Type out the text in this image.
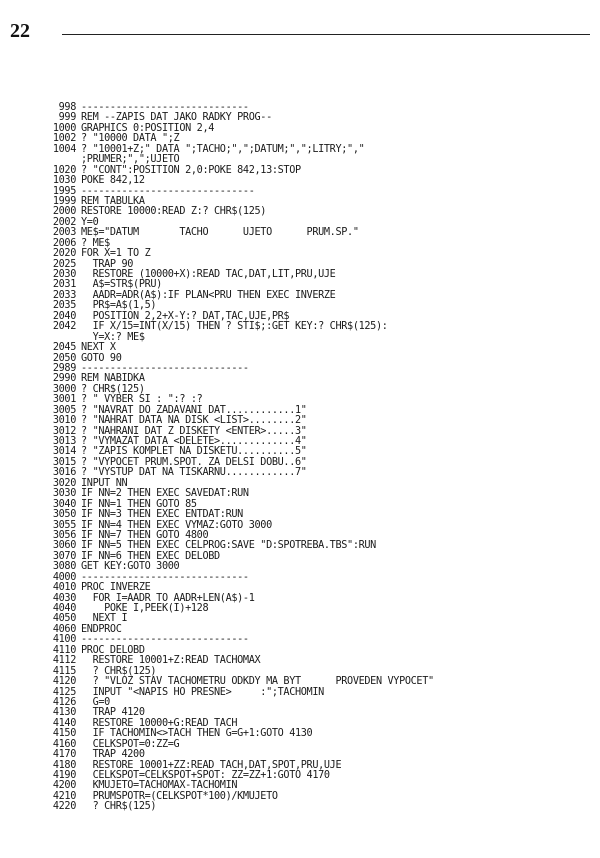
22
998 -----------------------------
999 REM --ZAPIS DAT JAKO RADKY PROG--
1000 GRAPHICS 0:POSITION 2,4
1002 ? "10000 DATA ";Z
1004 ? "10001+Z;" DATA ";TACHO;",";DATUM;",";LITRY;","
;PRUMER;",";UJETO
1020 ? "CONT":POSITION 2,0:POKE 842,13:STOP
1030 POKE 842,12
1995 ------------------------------
1999 REM TABULKA
2000 RESTORE 10000:READ Z:? CHR$(125)
2002 Y=0
2003 ME$="DATUM       TACHO      UJETO      PRUM.SP."
2006 ? ME$
2020 FOR X=1 TO Z
2025 TRAP 90
2030 RESTORE (10000+X):READ TAC,DAT,LIT,PRU,UJE
2031 A$=STR$(PRU)
2033 AADR=ADR(A$):IF PLAN<PRU THEN EXEC INVERZE
2035 PR$=A$(1,5)
2040 POSITION 2,2+X-Y:? DAT,TAC,UJE,PR$
2042 IF X/15=INT(X/15) THEN ? STI$;:GET KEY:? CHR$(125):
Y=X:? ME$
2045 NEXT X
2050 GOTO 90
2989 -----------------------------
2990 REM NABIDKA
3000 ? CHR$(125)
3001 ? " VYBER SI : ":? :?
3005 ? "NAVRAT DO ZADAVANI DAT............1"
3010 ? "NAHRAT DATA NA DISK <LIST>........2"
3012 ? "NAHRANI DAT Z DISKETY <ENTER>.....3"
3013 ? "VYMAZAT DATA <DELETE>.............4"
3014 ? "ZAPIS KOMPLET NA DISKETU..........5"
3015 ? "VYPOCET PRUM.SPOT. ZA DELSI DOBU..6"
3016 ? "VYSTUP DAT NA TISKARNU............7"
3020 INPUT NN
3030 IF NN=2 THEN EXEC SAVEDAT:RUN
3040 IF NN=1 THEN GOTO 85
3050 IF NN=3 THEN EXEC ENTDAT:RUN
3055 IF NN=4 THEN EXEC VYMAZ:GOTO 3000
3056 IF NN=7 THEN GOTO 4800
3060 IF NN=5 THEN EXEC CELPROG:SAVE "D:SPOTREBA.TBS":RUN
3070 IF NN=6 THEN EXEC DELOBD
3080 GET KEY:GOTO 3000
4000 -----------------------------
4010 PROC INVERZE
4030 FOR I=AADR TO AADR+LEN(A$)-1
4040 POKE I,PEEK(I)+128
4050 NEXT I
4060 ENDPROC
4100 -----------------------------
4110 PROC DELOBD
4112 RESTORE 10001+Z:READ TACHOMAX
4115 ? CHR$(125)
4120 ? "VLOZ STAV TACHOMETRU ODKDY MA BYT      PROVEDEN VYPOCET"
4125 INPUT "<NAPIS HO PRESNE>     :";TACHOMIN
4126 G=0
4130 TRAP 4120
4140 RESTORE 10000+G:READ TACH
4150 IF TACHOMIN<>TACH THEN G=G+1:GOTO 4130
4160 CELKSPOT=0:ZZ=G
4170 TRAP 4200
4180 RESTORE 10001+ZZ:READ TACH,DAT,SPOT,PRU,UJE
4190 CELKSPOT=CELKSPOT+SPOT: ZZ=ZZ+1:GOTO 4170
4200 KMUJETO=TACHOMAX-TACHOMIN
4210 PRUMSPOTR=(CELKSPOT*100)/KMUJETO
4220 ? CHR$(125)
